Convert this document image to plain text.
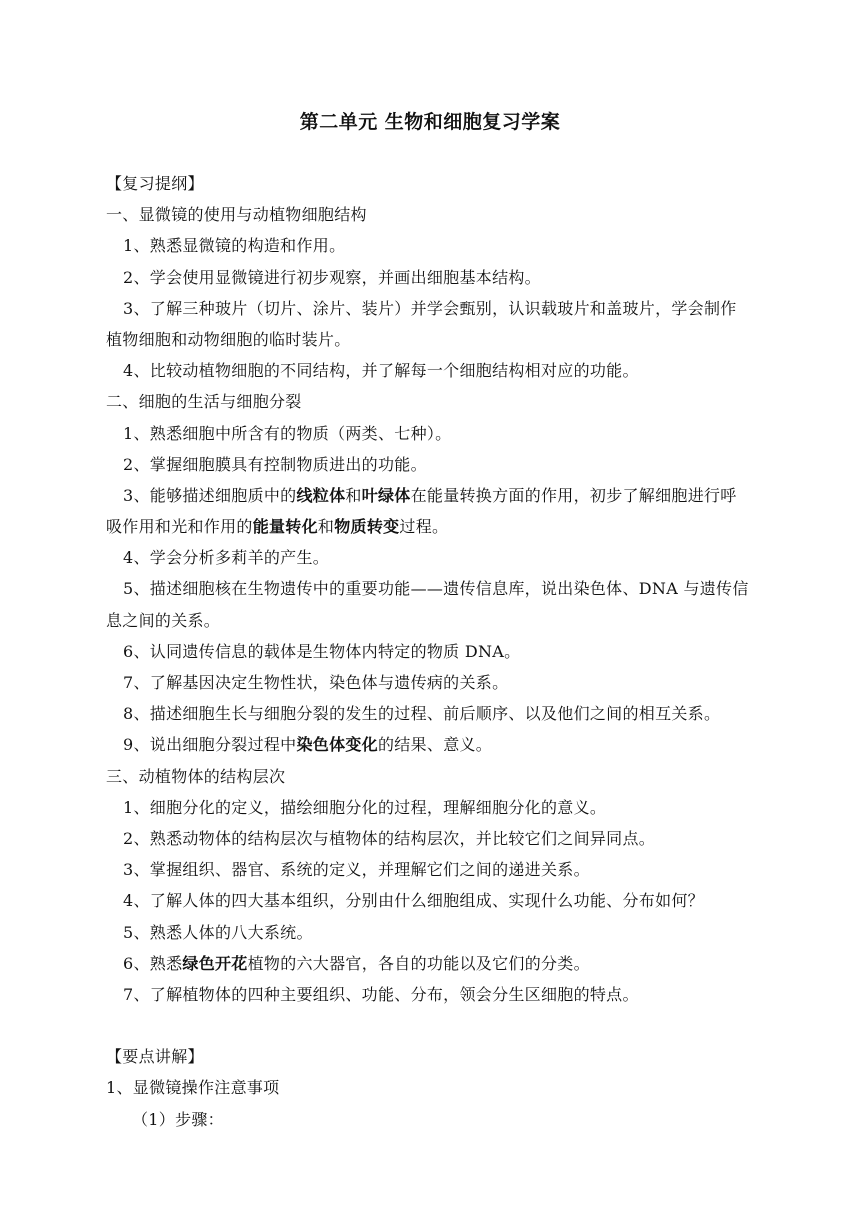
第二单元 生物和细胞复习学案
【复习提纲】
一、显微镜的使用与动植物细胞结构
1、熟悉显微镜的构造和作用。
2、学会使用显微镜进行初步观察，并画出细胞基本结构。
3、了解三种玻片（切片、涂片、装片）并学会甄别，认识载玻片和盖玻片，学会制作
植物细胞和动物细胞的临时装片。
4、比较动植物细胞的不同结构，并了解每一个细胞结构相对应的功能。
二、细胞的生活与细胞分裂
1、熟悉细胞中所含有的物质（两类、七种）。
2、掌握细胞膜具有控制物质进出的功能。
3、能够描述细胞质中的线粒体和叶绿体在能量转换方面的作用，初步了解细胞进行呼
吸作用和光和作用的能量转化和物质转变过程。
4、学会分析多莉羊的产生。
5、描述细胞核在生物遗传中的重要功能——遗传信息库，说出染色体、DNA 与遗传信
息之间的关系。
6、认同遗传信息的载体是生物体内特定的物质 DNA。
7、了解基因决定生物性状，染色体与遗传病的关系。
8、描述细胞生长与细胞分裂的发生的过程、前后顺序、以及他们之间的相互关系。
9、说出细胞分裂过程中染色体变化的结果、意义。
三、动植物体的结构层次
1、细胞分化的定义，描绘细胞分化的过程，理解细胞分化的意义。
2、熟悉动物体的结构层次与植物体的结构层次，并比较它们之间异同点。
3、掌握组织、器官、系统的定义，并理解它们之间的递进关系。
4、了解人体的四大基本组织，分别由什么细胞组成、实现什么功能、分布如何？
5、熟悉人体的八大系统。
6、熟悉绿色开花植物的六大器官，各自的功能以及它们的分类。
7、了解植物体的四种主要组织、功能、分布，领会分生区细胞的特点。
【要点讲解】
1、显微镜操作注意事项
（1）步骤：
